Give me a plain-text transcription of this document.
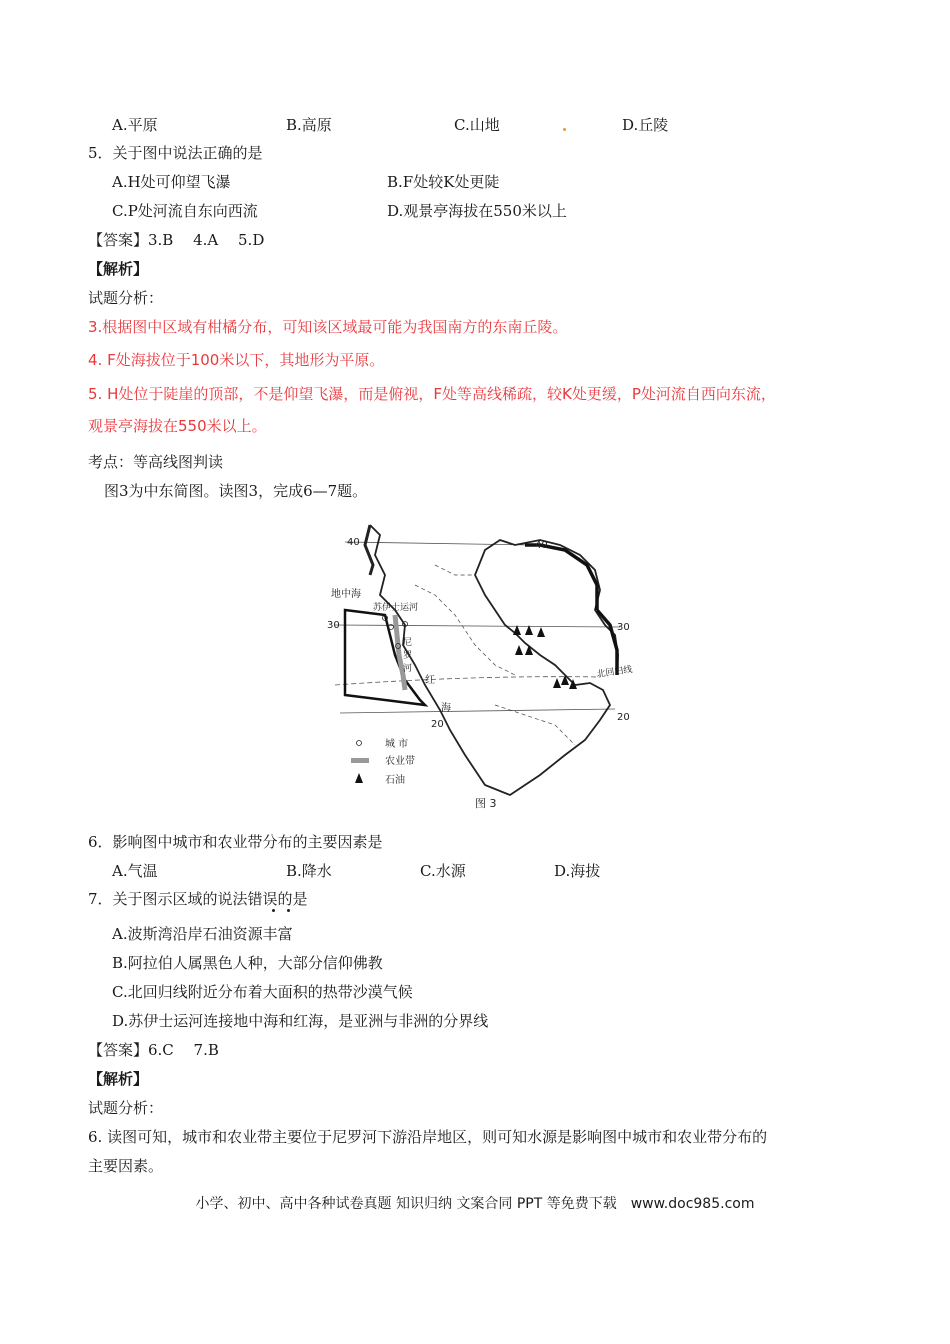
A.平原	B.高原	C.山地	D.丘陵
5．关于图中说法正确的是
A.H处可仰望飞瀑	B.F处较K处更陡
C.P处河流自东向西流	D.观景亭海拔在550米以上
【答案】3.B　 4.A　 5.D
【解析】
试题分析：
3.根据图中区域有柑橘分布，可知该区域最可能为我国南方的东南丘陵。
4. F处海拔位于100米以下，其地形为平原。
5. H处位于陡崖的顶部，不是仰望飞瀑，而是俯视，F处等高线稀疏，较K处更缓，P处河流自西向东流，
观景亭海拔在550米以上。
考点：等高线图判读
图3为中东简图。读图3，完成6—7题。
40	40
30	30
20
20
地中海
苏伊士运河
尼
罗
河
红
海
北回归线
城 市
农业带
石油
图 3
6．影响图中城市和农业带分布的主要因素是
A.气温	B.降水	C.水源	D.海拔
7．关于图示区域的说法错误的是
A.波斯湾沿岸石油资源丰富
B.阿拉伯人属黑色人种，大部分信仰佛教
C.北回归线附近分布着大面积的热带沙漠气候
D.苏伊士运河连接地中海和红海，是亚洲与非洲的分界线
【答案】6.C　 7.B
【解析】
试题分析：
6. 读图可知，城市和农业带主要位于尼罗河下游沿岸地区，则可知水源是影响图中城市和农业带分布的
主要因素。
小学、初中、高中各种试卷真题 知识归纳 文案合同 PPT 等免费下载　www.doc985.com
